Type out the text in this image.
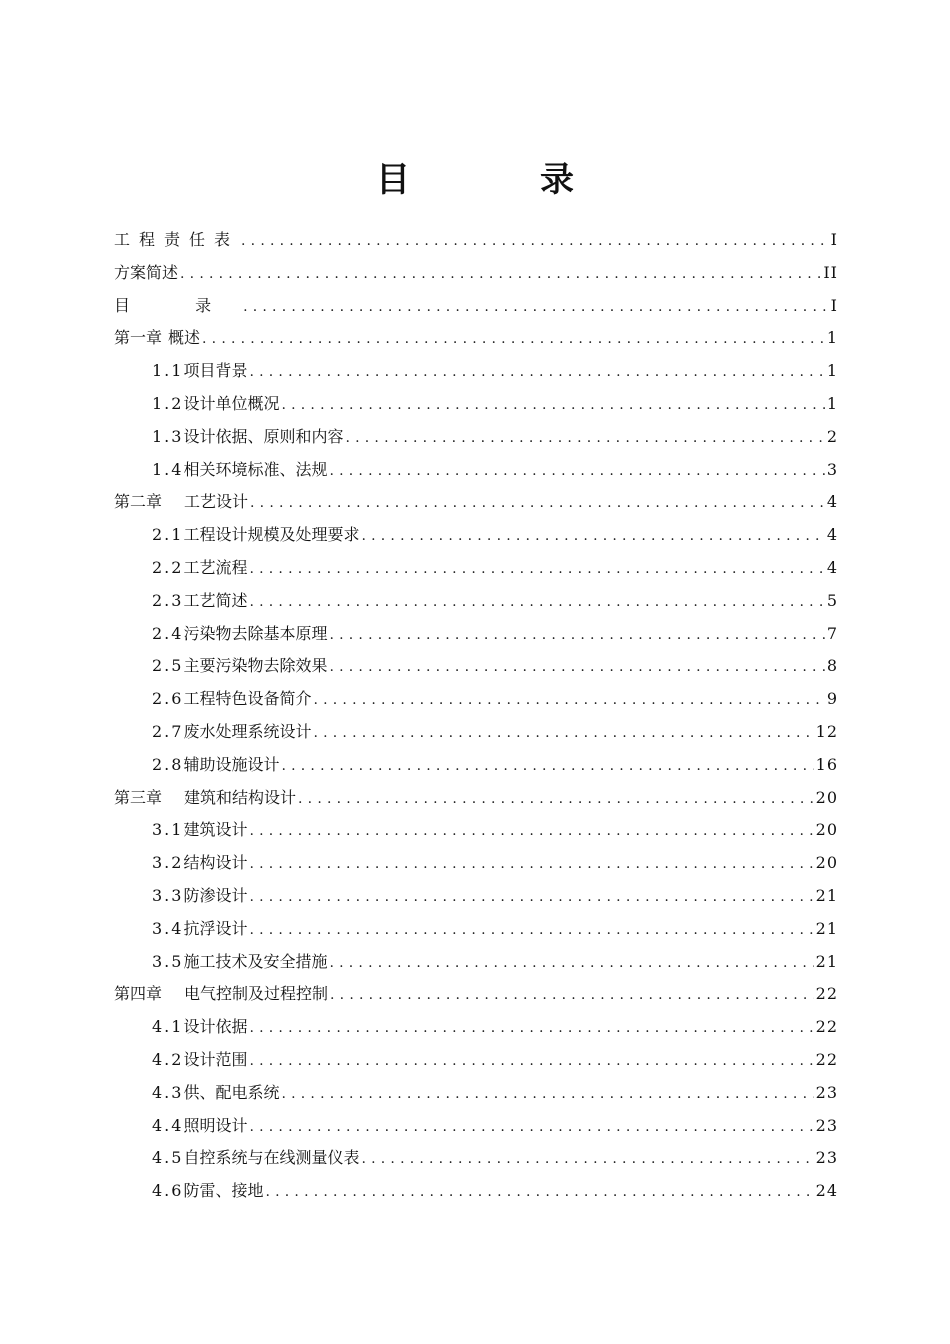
目　录
工程责任表 .....	I
方案简述 .....	II
目 录 .....	I
第一章 概述 .....	1
1.1 项目背景 .....	1
1.2 设计单位概况 .....	1
1.3 设计依据、原则和内容 .....	2
1.4 相关环境标准、法规 .....	3
第二章	工艺设计 .....	4
2.1 工程设计规模及处理要求 .....	4
2.2 工艺流程 .....	4
2.3 工艺简述 .....	5
2.4 污染物去除基本原理 .....	7
2.5 主要污染物去除效果 .....	8
2.6 工程特色设备简介 .....	9
2.7 废水处理系统设计 .....	12
2.8 辅助设施设计 .....	16
第三章	建筑和结构设计 .....	20
3.1 建筑设计 .....	20
3.2 结构设计 .....	20
3.3 防渗设计 .....	21
3.4 抗浮设计 .....	21
3.5 施工技术及安全措施 .....	21
第四章	电气控制及过程控制 .....	22
4.1 设计依据 .....	22
4.2 设计范围 .....	22
4.3 供、配电系统 .....	23
4.4 照明设计 .....	23
4.5 自控系统与在线测量仪表 .....	23
4.6 防雷、接地 .....	24
